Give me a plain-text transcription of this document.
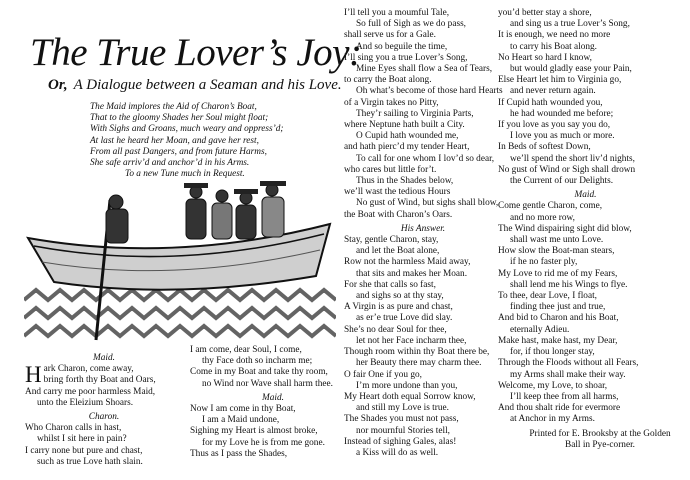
The True Lover’s Joy:
Or, A Dialogue between a Seaman and his Love.
The Maid implores the Aid of Charon’s Boat,
That to the gloomy Shades her Soul might float;
With Sighs and Groans, much weary and oppress’d;
At last he heard her Moan, and gave her rest,
From all past Dangers, and from future Harms,
She safe arriv’d and anchor’d in his Arms.
To a new Tune much in Request.
Maid.
H ark Charon, come away,
bring forth thy Boat and Oars,
And carry me poor harmless Maid,
unto the Eleizium Shoars.
Charon.
Who Charon calls in hast,
whilst I sit here in pain?
I carry none but pure and chast,
such as true Love hath slain.
I am come, dear Soul, I come,
thy Face doth so incharm me;
Come in my Boat and take thy room,
no Wind nor Wave shall harm thee.
Maid.
Now I am come in thy Boat,
I am a Maid undone,
Sighing my Heart is almost broke,
for my Love he is from me gone.
Thus as I pass the Shades,
I’ll tell you a moumful Tale,
So full of Sigh as we do pass,
shall serve us for a Gale.
And so beguile the time,
I’ll sing you a true Lover’s Song,
Mine Eyes shall flow a Sea of Tears,
to carry the Boat along.
Oh what’s become of those hard Hearts
of a Virgin takes no Pitty,
They’r sailing to Virginia Parts,
where Neptune hath built a City.
O Cupid hath wounded me,
and hath pierc’d my tender Heart,
To call for one whom I lov’d so dear,
who cares but little for’t.
Thus in the Shades below,
we’ll wast the tedious Hours
No gust of Wind, but sighs shall blow,
the Boat with Charon’s Oars.
His Answer.
Stay, gentle Charon, stay,
and let the Boat alone,
Row not the harmless Maid away,
that sits and makes her Moan.
For she that calls so fast,
and sighs so at thy stay,
A Virgin is as pure and chast,
as er’e true Love did slay.
She’s no dear Soul for thee,
let not her Face incharm thee,
Though room within thy Boat there be,
her Beauty there may charm thee.
O fair One if you go,
I’m more undone than you,
My Heart doth equal Sorrow know,
and still my Love is true.
The Shades you must not pass,
nor mournful Stories tell,
Instead of sighing Gales, alas!
a Kiss will do as well.
you’d better stay a shore,
and sing us a true Lover’s Song,
It is enough, we need no more
to carry his Boat along.
No Heart so hard I know,
but would gladly ease your Pain,
Else Heart let him to Virginia go,
and never return again.
If Cupid hath wounded you,
he had wounded me before;
If you love as you say you do,
I love you as much or more.
In Beds of softest Down,
we’ll spend the short liv’d nights,
No gust of Wind or Sigh shall drown
the Current of our Delights.
Maid.
Come gentle Charon, come,
and no more row,
The Wind dispairing sight did blow,
shall wast me unto Love.
How slow the Boat-man stears,
if he no faster ply,
My Love to rid me of my Fears,
shall lend me his Wings to flye.
To thee, dear Love, I float,
finding thee just and true,
And bid to Charon and his Boat,
eternally Adieu.
Make hast, make hast, my Dear,
for, if thou longer stay,
Through the Floods without all Fears,
my Arms shall make their way.
Welcome, my Love, to shoar,
I’ll keep thee from all harms,
And thou shalt ride for evermore
at Anchor in my Arms.
Printed for E. Brooksby at the Golden
Ball in Pye-corner.
